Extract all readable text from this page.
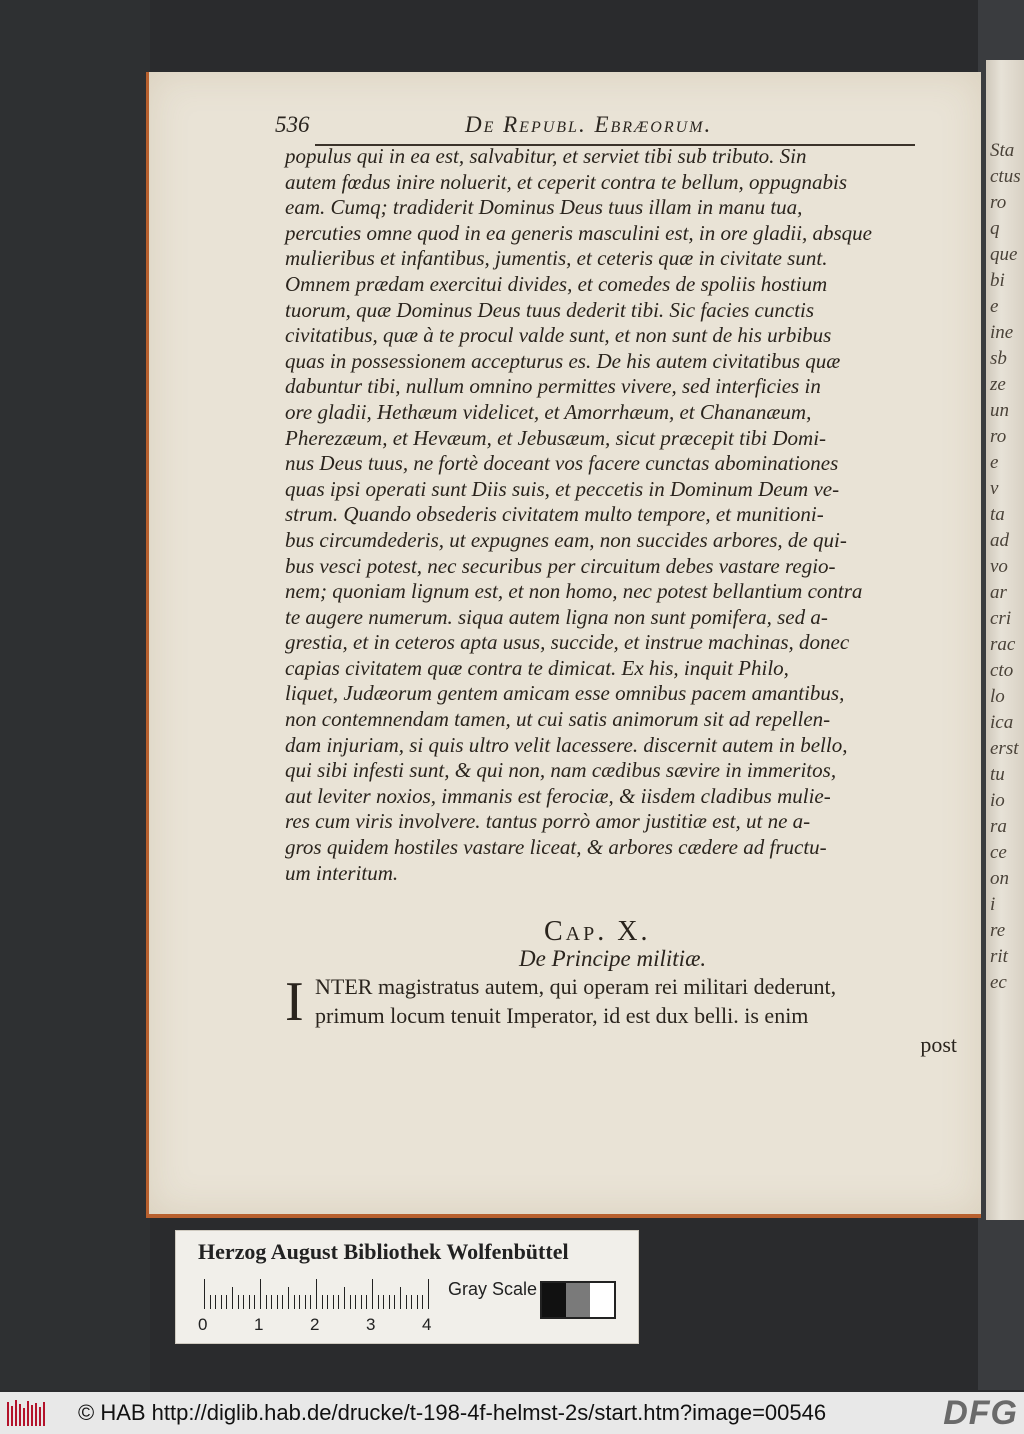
Sta
ctus
ro
q
que
bi
e
ine
sb
ze
un
ro
e
v
ta
ad
vo
ar
cri
rac
cto
lo
ica
erst
tu
io
ra
ce
on
i
re
rit
ec
536	De Republ. Ebræorum.
populus qui in ea est, salvabitur, et serviet tibi sub tributo. Sin
autem fœdus inire noluerit, et ceperit contra te bellum, oppugnabis
eam. Cumq; tradiderit Dominus Deus tuus illam in manu tua,
percuties omne quod in ea generis masculini est, in ore gladii, absque
mulieribus et infantibus, jumentis, et ceteris quæ in civitate sunt.
Omnem prædam exercitui divides, et comedes de spoliis hostium
tuorum, quæ Dominus Deus tuus dederit tibi. Sic facies cunctis
civitatibus, quæ à te procul valde sunt, et non sunt de his urbibus
quas in possessionem accepturus es. De his autem civitatibus quæ
dabuntur tibi, nullum omnino permittes vivere, sed interficies in
ore gladii, Hethæum videlicet, et Amorrhæum, et Chananæum,
Pherezæum, et Hevæum, et Jebusæum, sicut præcepit tibi Domi-
nus Deus tuus, ne fortè doceant vos facere cunctas abominationes
quas ipsi operati sunt Diis suis, et peccetis in Dominum Deum ve-
strum. Quando obsederis civitatem multo tempore, et munitioni-
bus circumdederis, ut expugnes eam, non succides arbores, de qui-
bus vesci potest, nec securibus per circuitum debes vastare regio-
nem; quoniam lignum est, et non homo, nec potest bellantium contra
te augere numerum. siqua autem ligna non sunt pomifera, sed a-
grestia, et in ceteros apta usus, succide, et instrue machinas, donec
capias civitatem quæ contra te dimicat. Ex his, inquit Philo,
liquet, Judæorum gentem amicam esse omnibus pacem amantibus,
non contemnendam tamen, ut cui satis animorum sit ad repellen-
dam injuriam, si quis ultro velit lacessere. discernit autem in bello,
qui sibi infesti sunt, & qui non, nam cædibus sævire in immeritos,
aut leviter noxios, immanis est ferociæ, & iisdem cladibus mulie-
res cum viris involvere. tantus porrò amor justitiæ est, ut ne a-
gros quidem hostiles vastare liceat, & arbores cædere ad fructu-
um interitum.
Cap. X.
De Principe militiæ.
I NTER magistratus autem, qui operam rei militari dederunt,
primum locum tenuit Imperator, id est dux belli. is enim
post
Herzog August Bibliothek Wolfenbüttel
0	1	2	3	4
Gray Scale
© HAB http://diglib.hab.de/drucke/t-198-4f-helmst-2s/start.htm?image=00546	DFG
